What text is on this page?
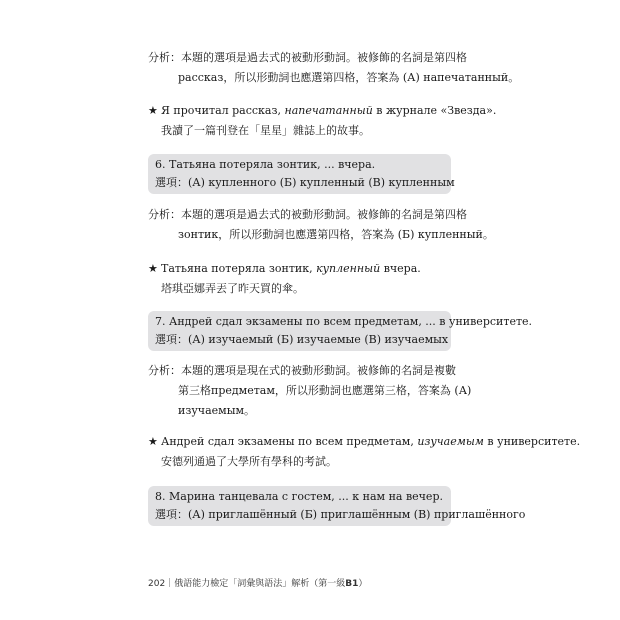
分析：本題的選項是過去式的被動形動詞。被修飾的名詞是第四格
рассказ，所以形動詞也應選第四格，答案為 (А) напечатанный。
★ Я прочитал рассказ, напечатанный в журнале «Звезда».
我讀了一篇刊登在「星星」雜誌上的故事。
6. Татьяна потеряла зонтик, ... вчера.
選項：(А) купленного (Б) купленный (В) купленным
分析：本題的選項是過去式的被動形動詞。被修飾的名詞是第四格
зонтик，所以形動詞也應選第四格，答案為 (Б) купленный。
★ Татьяна потеряла зонтик, купленный вчера.
塔琪亞娜弄丟了昨天買的傘。
7. Андрей сдал экзамены по всем предметам, ... в университете.
選項：(А) изучаемый (Б) изучаемые (В) изучаемых
分析：本題的選項是現在式的被動形動詞。被修飾的名詞是複數
第三格предметам，所以形動詞也應選第三格，答案為 (А)
изучаемым。
★ Андрей сдал экзамены по всем предметам, изучаемым в университете.
安德列通過了大學所有學科的考試。
8. Марина танцевала с гостем, ... к нам на вечер.
選項：(А) приглашённый (Б) приглашённым (В) приглашённого
202｜俄語能力檢定「詞彙與語法」解析（第一級B1）
